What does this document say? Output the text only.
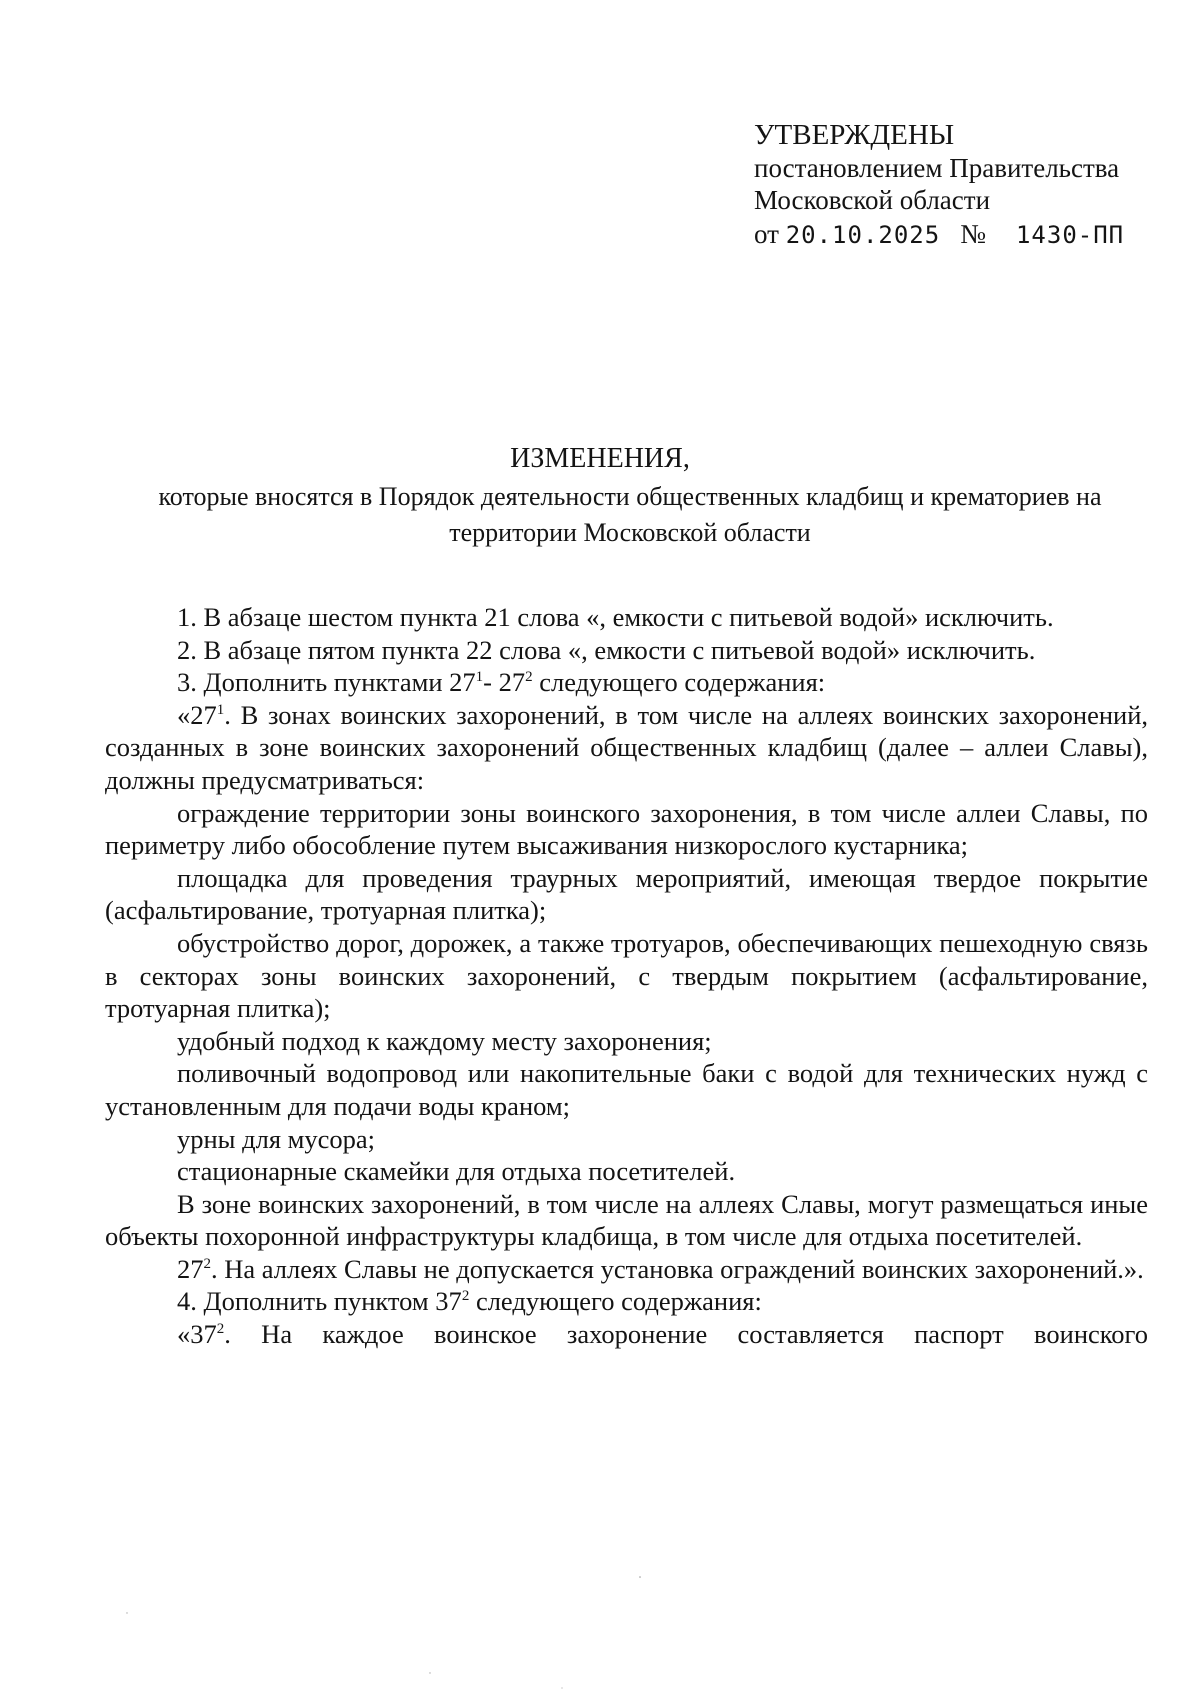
УТВЕРЖДЕНЫ
постановлением Правительства
Московской области
от 20.10.2025 № 1430-ПП
ИЗМЕНЕНИЯ,
которые вносятся в Порядок деятельности общественных кладбищ и крематориев на территории Московской области

1. В абзаце шестом пункта 21 слова «, емкости с питьевой водой» исключить.

2. В абзаце пятом пункта 22 слова «, емкости с питьевой водой» исключить.

3. Дополнить пунктами $27^1-$ $27^2$ следующего содержания:

«$27^1$. В зонах воинских захоронений, в том числе на аллеях воинских захоронений, созданных в зоне воинских захоронений общественных кладбищ (далее – аллеи Славы), должны предусматриваться:

ограждение территории зоны воинского захоронения, в том числе аллеи Славы, по периметру либо обособление путем высаживания низкорослого кустарника;

площадка для проведения траурных мероприятий, имеющая твердое покрытие (асфальтирование, тротуарная плитка);

обустройство дорог, дорожек, а также тротуаров, обеспечивающих пешеходную связь в секторах зоны воинских захоронений, с твердым покрытием (асфальтирование, тротуарная плитка);

удобный подход к каждому месту захоронения;

поливочный водопровод или накопительные баки с водой для технических нужд с установленным для подачи воды краном;

урны для мусора;

стационарные скамейки для отдыха посетителей.

В зоне воинских захоронений, в том числе на аллеях Славы, могут размещаться иные объекты похоронной инфраструктуры кладбища, в том числе для отдыха посетителей.

$27^2$. На аллеях Славы не допускается установка ограждений воинских захоронений.».

4. Дополнить пунктом $37^2$ следующего содержания:

«$37^2$. На каждое воинское захоронение составляется паспорт воинского
